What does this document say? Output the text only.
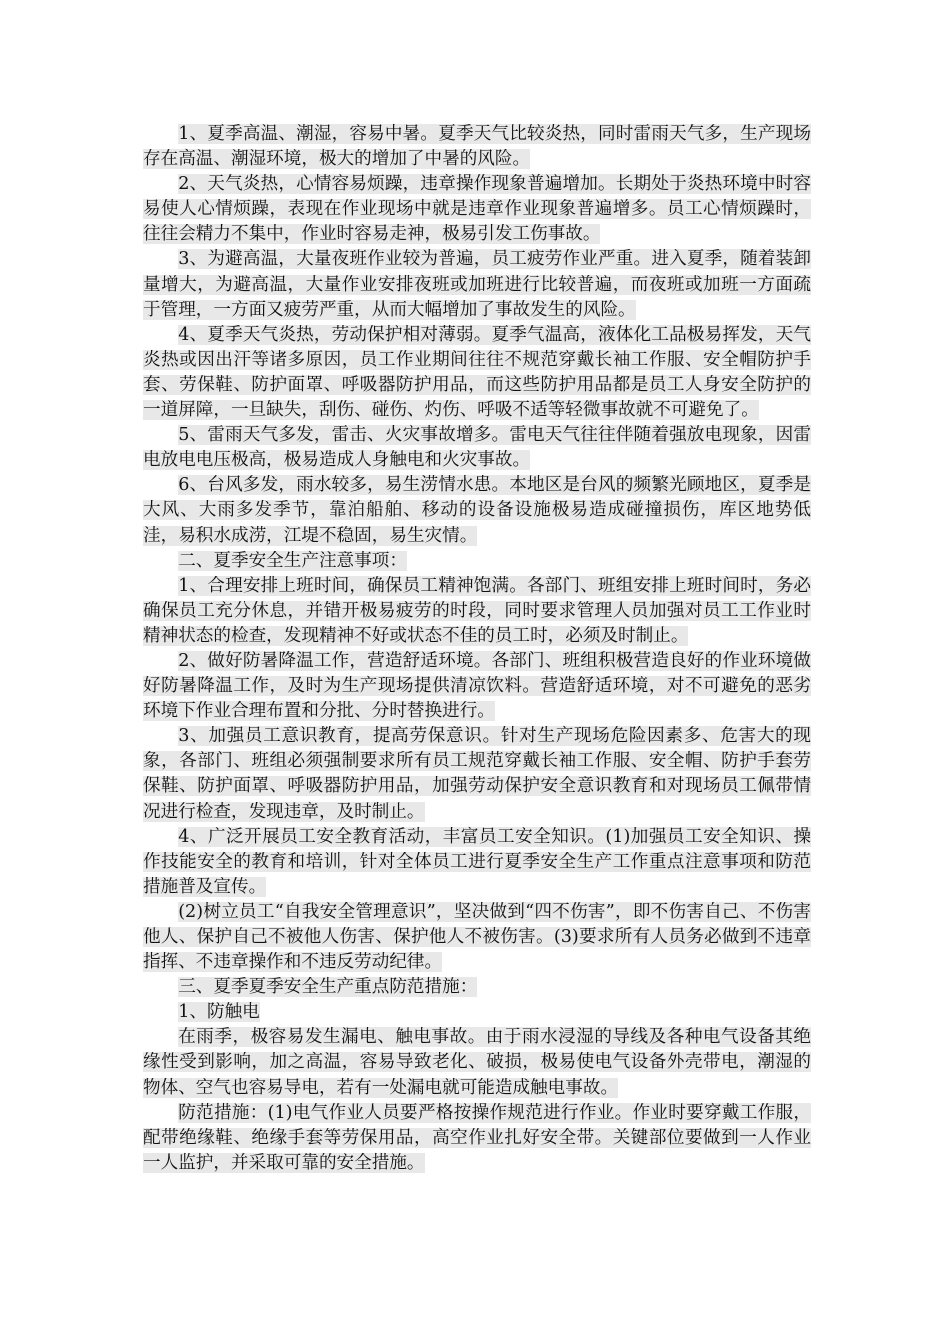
1、夏季高温、潮湿，容易中暑。夏季天气比较炎热，同时雷雨天气多，生产现场存在高温、潮湿环境，极大的增加了中暑的风险。

2、天气炎热，心情容易烦躁，违章操作现象普遍增加。长期处于炎热环境中时容易使人心情烦躁，表现在作业现场中就是违章作业现象普遍增多。员工心情烦躁时，往往会精力不集中，作业时容易走神，极易引发工伤事故。

3、为避高温，大量夜班作业较为普遍，员工疲劳作业严重。进入夏季，随着装卸量增大，为避高温，大量作业安排夜班或加班进行比较普遍，而夜班或加班一方面疏于管理，一方面又疲劳严重，从而大幅增加了事故发生的风险。

4、夏季天气炎热，劳动保护相对薄弱。夏季气温高，液体化工品极易挥发，天气炎热或因出汗等诸多原因，员工作业期间往往不规范穿戴长袖工作服、安全帽防护手套、劳保鞋、防护面罩、呼吸器防护用品，而这些防护用品都是员工人身安全防护的一道屏障，一旦缺失，刮伤、碰伤、灼伤、呼吸不适等轻微事故就不可避免了。

5、雷雨天气多发，雷击、火灾事故增多。雷电天气往往伴随着强放电现象，因雷电放电电压极高，极易造成人身触电和火灾事故。

6、台风多发，雨水较多，易生涝情水患。本地区是台风的频繁光顾地区，夏季是大风、大雨多发季节，靠泊船舶、移动的设备设施极易造成碰撞损伤，库区地势低洼，易积水成涝，江堤不稳固，易生灾情。

二、夏季安全生产注意事项：

1、合理安排上班时间，确保员工精神饱满。各部门、班组安排上班时间时，务必确保员工充分休息，并错开极易疲劳的时段，同时要求管理人员加强对员工工作业时精神状态的检查，发现精神不好或状态不佳的员工时，必须及时制止。

2、做好防暑降温工作，营造舒适环境。各部门、班组积极营造良好的作业环境做好防暑降温工作，及时为生产现场提供清凉饮料。营造舒适环境，对不可避免的恶劣环境下作业合理布置和分批、分时替换进行。

3、加强员工意识教育，提高劳保意识。针对生产现场危险因素多、危害大的现象，各部门、班组必须强制要求所有员工规范穿戴长袖工作服、安全帽、防护手套劳保鞋、防护面罩、呼吸器防护用品，加强劳动保护安全意识教育和对现场员工佩带情况进行检查，发现违章，及时制止。

4、广泛开展员工安全教育活动，丰富员工安全知识。(1)加强员工安全知识、操作技能安全的教育和培训，针对全体员工进行夏季安全生产工作重点注意事项和防范措施普及宣传。

(2)树立员工“自我安全管理意识”，坚决做到“四不伤害”，即不伤害自己、不伤害他人、保护自己不被他人伤害、保护他人不被伤害。(3)要求所有人员务必做到不违章指挥、不违章操作和不违反劳动纪律。

三、夏季夏季安全生产重点防范措施：

1、防触电

在雨季，极容易发生漏电、触电事故。由于雨水浸湿的导线及各种电气设备其绝缘性受到影响，加之高温，容易导致老化、破损，极易使电气设备外壳带电，潮湿的物体、空气也容易导电，若有一处漏电就可能造成触电事故。

防范措施：(1)电气作业人员要严格按操作规范进行作业。作业时要穿戴工作服，配带绝缘鞋、绝缘手套等劳保用品，高空作业扎好安全带。关键部位要做到一人作业一人监护，并采取可靠的安全措施。
